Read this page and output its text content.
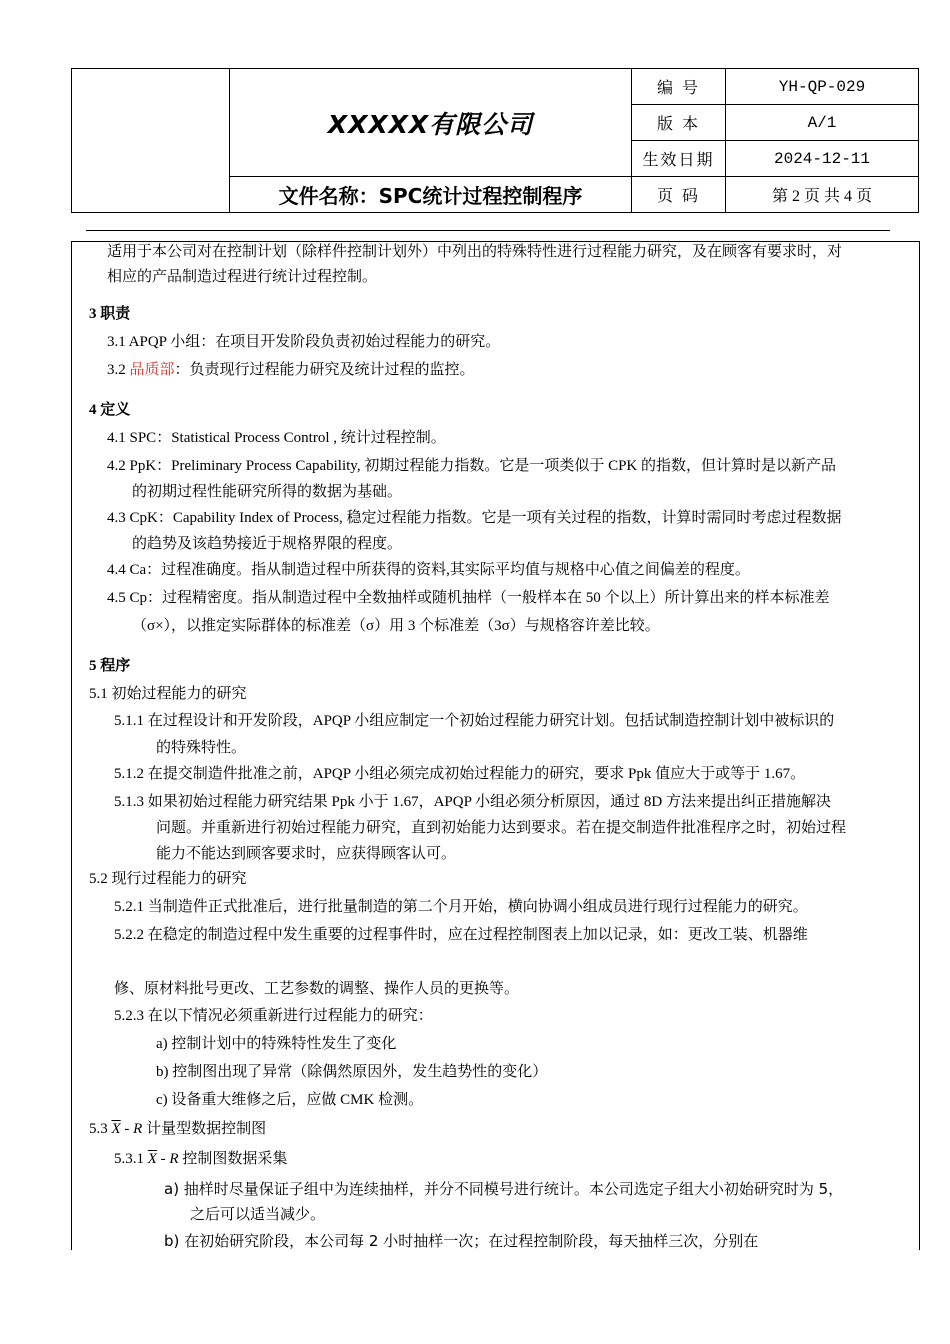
	XXXXX有限公司	编 号	YH-QP-029
		版 本	A/1
		生效日期	2024-12-11
	文件名称：SPC统计过程控制程序	页 码	第 2 页 共 4 页
适用于本公司对在控制计划（除样件控制计划外）中列出的特殊特性进行过程能力研究，及在顾客有要求时，对
相应的产品制造过程进行统计过程控制。
3 职责
3.1 APQP 小组：在项目开发阶段负责初始过程能力的研究。
3.2 品质部：负责现行过程能力研究及统计过程的监控。
4 定义
4.1 SPC：Statistical Process Control , 统计过程控制。
4.2 PpK：Preliminary Process Capability, 初期过程能力指数。它是一项类似于 CPK 的指数，但计算时是以新产品
的初期过程性能研究所得的数据为基础。
4.3 CpK：Capability Index of Process, 稳定过程能力指数。它是一项有关过程的指数，计算时需同时考虑过程数据
的趋势及该趋势接近于规格界限的程度。
4.4 Ca：过程准确度。指从制造过程中所获得的资料,其实际平均值与规格中心值之间偏差的程度。
4.5 Cp：过程精密度。指从制造过程中全数抽样或随机抽样（一般样本在 50 个以上）所计算出来的样本标准差
（σ×），以推定实际群体的标准差（σ）用 3 个标准差（3σ）与规格容许差比较。
5 程序
5.1 初始过程能力的研究
5.1.1 在过程设计和开发阶段，APQP 小组应制定一个初始过程能力研究计划。包括试制造控制计划中被标识的
的特殊特性。
5.1.2 在提交制造件批准之前，APQP 小组必须完成初始过程能力的研究，要求 Ppk 值应大于或等于 1.67。
5.1.3 如果初始过程能力研究结果 Ppk 小于 1.67，APQP 小组必须分析原因，通过 8D 方法来提出纠正措施解决
问题。并重新进行初始过程能力研究，直到初始能力达到要求。若在提交制造件批准程序之时，初始过程
能力不能达到顾客要求时，应获得顾客认可。
5.2 现行过程能力的研究
5.2.1 当制造件正式批准后，进行批量制造的第二个月开始，横向协调小组成员进行现行过程能力的研究。
5.2.2 在稳定的制造过程中发生重要的过程事件时，应在过程控制图表上加以记录，如：更改工装、机器维
修、原材料批号更改、工艺参数的调整、操作人员的更换等。
5.2.3 在以下情况必须重新进行过程能力的研究：
a) 控制计划中的特殊特性发生了变化
b) 控制图出现了异常（除偶然原因外，发生趋势性的变化）
c) 设备重大维修之后，应做 CMK 检测。
5.3 $\overline{X}$ - R 计量型数据控制图
5.3.1 $\overline{X}$ - R 控制图数据采集
a) 抽样时尽量保证子组中为连续抽样，并分不同模号进行统计。本公司选定子组大小初始研究时为 5，
之后可以适当减少。
b) 在初始研究阶段，本公司每 2 小时抽样一次；在过程控制阶段，每天抽样三次，分别在
